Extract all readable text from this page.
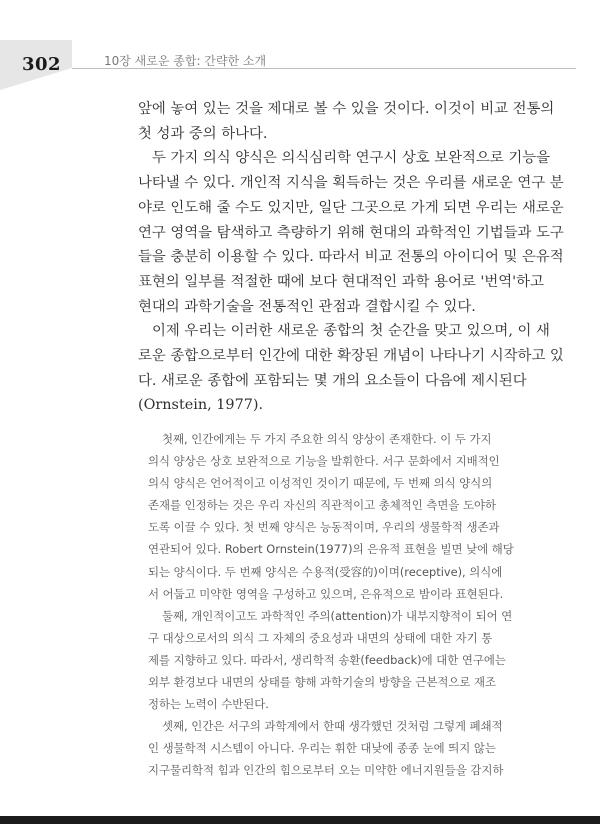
302	10장 새로운 종합: 간략한 소개

앞에 놓여 있는 것을 제대로 볼 수 있을 것이다. 이것이 비교 전통의
첫 성과 중의 하나다.

두 가지 의식 양식은 의식심리학 연구시 상호 보완적으로 기능을
나타낼 수 있다. 개인적 지식을 획득하는 것은 우리를 새로운 연구 분
야로 인도해 줄 수도 있지만, 일단 그곳으로 가게 되면 우리는 새로운
연구 영역을 탐색하고 측량하기 위해 현대의 과학적인 기법들과 도구
들을 충분히 이용할 수 있다. 따라서 비교 전통의 아이디어 및 은유적
표현의 일부를 적절한 때에 보다 현대적인 과학 용어로 '번역'하고
현대의 과학기술을 전통적인 관점과 결합시킬 수 있다.

이제 우리는 이러한 새로운 종합의 첫 순간을 맞고 있으며, 이 새
로운 종합으로부터 인간에 대한 확장된 개념이 나타나기 시작하고 있
다. 새로운 종합에 포함되는 몇 개의 요소들이 다음에 제시된다
(Ornstein, 1977).

첫째, 인간에게는 두 가지 주요한 의식 양상이 존재한다. 이 두 가지
의식 양상은 상호 보완적으로 기능을 발휘한다. 서구 문화에서 지배적인
의식 양식은 언어적이고 이성적인 것이기 때문에, 두 번째 의식 양식의
존재를 인정하는 것은 우리 자신의 직관적이고 총체적인 측면을 도야하
도록 이끌 수 있다. 첫 번째 양식은 능동적이며, 우리의 생물학적 생존과
연관되어 있다. Robert Ornstein(1977)의 은유적 표현을 빌면 낮에 해당
되는 양식이다. 두 번째 양식은 수용적(受容的)이며(receptive), 의식에
서 어둡고 미약한 영역을 구성하고 있으며, 은유적으로 밤이라 표현된다.

둘째, 개인적이고도 과학적인 주의(attention)가 내부지향적이 되어 연
구 대상으로서의 의식 그 자체의 중요성과 내면의 상태에 대한 자기 통
제를 지향하고 있다. 따라서, 생리학적 송환(feedback)에 대한 연구에는
외부 환경보다 내면의 상태를 향해 과학기술의 방향을 근본적으로 재조
정하는 노력이 수반된다.

셋째, 인간은 서구의 과학계에서 한때 생각했던 것처럼 그렇게 폐쇄적
인 생물학적 시스템이 아니다. 우리는 휘한 대낮에 종종 눈에 띄지 않는
지구물리학적 힘과 인간의 힘으로부터 오는 미약한 에너지원들을 감지하
